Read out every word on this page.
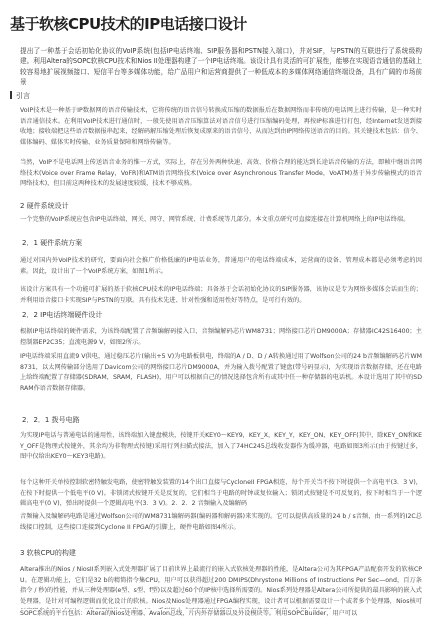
基于软核CPU技术的IP电话接口设计
提出了一种基于会话初始化协议的VoIP系统(包括IP电话终端、SIP服务器和PSTN接入端口)，并对SIF，与PSTN的互联进行了系统级构建。利用Altera的SOPC软核CPU技术和Nios II处理器构建了一个IP电话终端。该设计具有灵活的可扩展性，能够在实现语音通信的基础上较容易地扩展视频接口、短信平台等多媒体功能，给广品用户和运营商提供了一种低成本的多媒体网络通信终端设备，具有广阔的市场前景
引言
VoIP技术是一种基于IP数据网的语音传输技术，它将传统的语音信号转换成压缩的数据报后在数据网络而非传统的电话网上进行传输，是一种实时语音通信技术。在利用VoIP技术进行通信时，一般先使用语音压缩算法对语音信号进行压缩编码处理，再按IP标准进行打包，经Internet发送到接收地；接收端把这些语音数据报串起来，经解码解压缩处理后恢复成原来的语音信号，从而达到由IP网络传送语音的目的。其关键技术包括：信令、媒体编码、媒体实时传输、业务质量保障和网络传输等。
当然，VoIP不是电话网上传送语音业务的惟一方式，实际上，存在另外两种快速、高效、价格合理的能达到长途话音传输的方法，即帧中继语音网络技术(Voice over Frame Relay，VoFR)和ATM语音网络技术(Voice over Asynchronous Transfer Mode，VoATM)基于异步传输模式的语音网络技术)，但目前这两种技术的发展速度较缓，技术不够成熟。
2 硬件系统设计
一个完整的VoIP系统应包含IP电话终端、网关、网守、网管系统、计费系统等几部分。本文重点研究可直接连接在计算机网络上的IP电话终端。
2．1 硬件系统方案
通过对国内外VoIP技术的研究，要面向社会推广价格低廉的IP电话业务，普通用户的电话终端成本，运营商的设备、管理成本都是必须考虑的因素。因此，设计出了一个VoIP系统方案，如图1所示。
该设计方案具有一个功能可扩展的基于软核CPU技术的IP电话终端；具备基于会话初始化协议的SIP服务器，该协议是专为网络多媒体会话而生的；并利用语音接口卡实现SIP与PSTN的互联。具有技术先进、针对性强和适用性好等特点，是可行有效的。
2．2 IP电话终端硬件设计
根据IP电话终端的硬件需求，为该终端配置了音频编解码接入口、音频编解码芯片WM8731；网络接口芯片DM9000A；存储器IC42S16400；主控制器EP2C35；直流电源9 V，如图2所示。
IP电话终端采用直流9 V供电，通过稳压芯片(输出+5 V)为电路板供电，终端的A / D、D / A转换通过用了Wolfson公司的24 b音频编解码芯片WM8731，以太网传输部分选用了Davicom公司的网络接口芯片DM9000A，并为输入拨号配置了键盘(带号码显示)，为实现语音数据存储，还在电路上给终端配置了存储器(SDRAM，SRAM，FLASH)，用户可以根据自己的情况选择包含所有或其中任一种存储器的电话机。本设计选用了其中的SDRAM作语音数据存储器。
2．2．1 拨号电路
为实现IP电话与普通电话的通用性，该终端加入键盘模块，按键开关KEY0～KEY9，KEY_X，KEY_Y，KEY_ON，KEY_OFF(其中，除KEY_ON和KEY_OFF是物理式按键外，其余均为非物理式按键)采用行列扫描式接法，加入了74HC245总线收发器作为缓冲器，电路如图3所示(由于按键过多，图中仅给出KEY0～KEY3电路)。
每个这种开关单按控制软密特触发电路，使密特触发装置的14个出口直接与CycloneII FPGA相连，每个开关当不按下时提供一个高电平(3．3 V)，在按下时提供一个低电平(0 V)。非锁闭式按键开关是反复的，它们相当于电路的时钟或复位输入；锁闭式按键是不可反复的，按下时相当于一个逻辑高电平(0 V)，弹出时提供一个逻辑高电平(3．3 V)。2．2．2 音频输入及编解码
音频输入及编解码电路是通过Wolfson公司的WM8731编解码器(编码器和解码器)来实现的。它可以提供高质量的24 b / s音频，由一系列的I2C总线接口控制，这些接口连接到Cyclone II FPGA的引脚上，硬件电路如图4所示。
3 软核CPU的构建
Altera推出的Nios / NiosII系列嵌入式处理器扩展了目前世界上最流行的嵌入式软核处理器的性能，是Altera公司为其FPGA产品配套开发的软核CPU。在逻辑功能上，它们是32 b的精简指令集CPU，用户可以获得超过200 DMIPS(Dhrystone Millions of Instructions Per Sec—ond，百万条指令 / 秒)的性能，并从三种处理器(e型、s型、f型)以及超过60个的IP核中选择所需要的。Nios系列处理器是Altera公司所提供的最具影响的嵌入式处理器，是针对可编程逻辑而优化设计的软核。Nios及Nios处理器通过FPGA编程实现，设计者可以根据需要设计一个或者多个处理器，Nios核可
SOPC系统的平台包括：Altera的Nios处理器、Avalon总线，片内外存储器以及外设模块等。利用SOPCBuilder，用户可以
